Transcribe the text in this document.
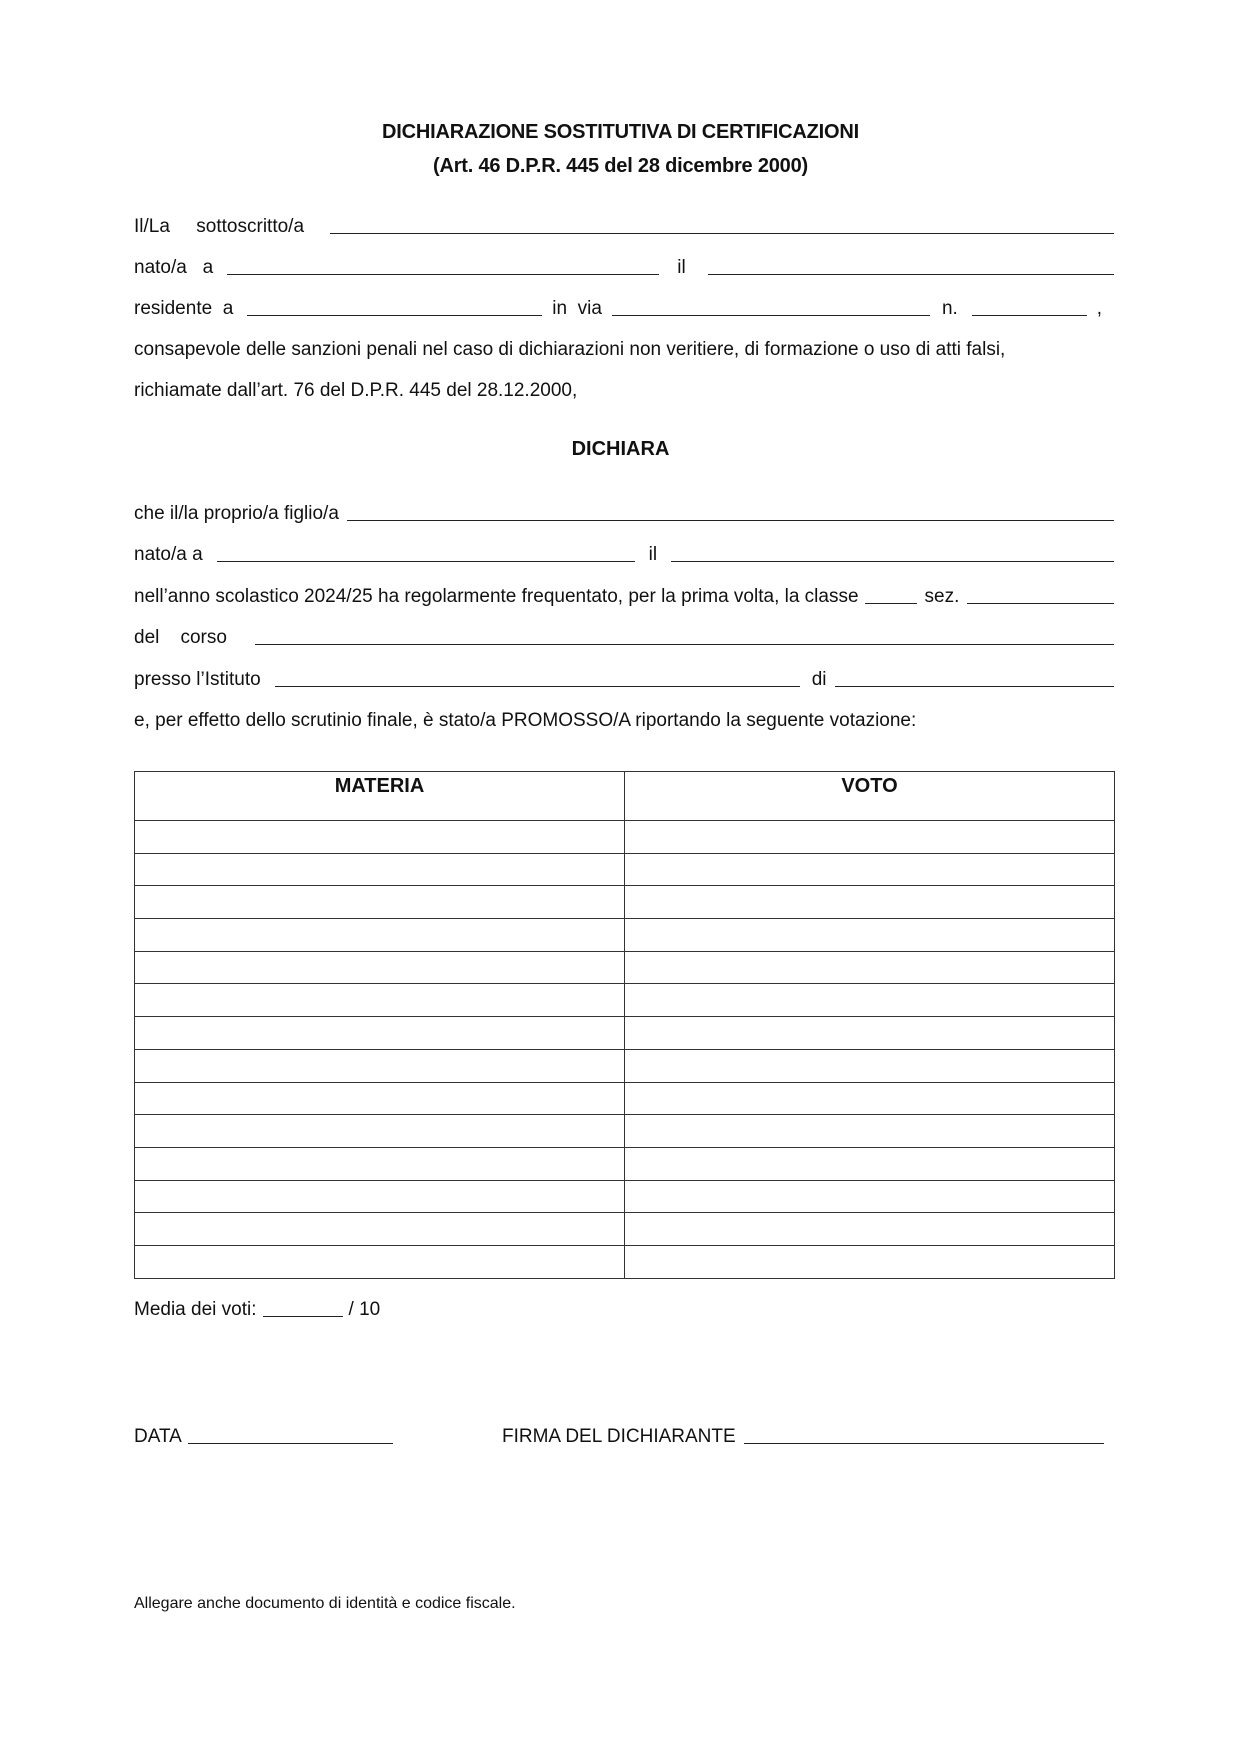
DICHIARAZIONE SOSTITUTIVA DI CERTIFICAZIONI
(Art. 46 D.P.R. 445 del 28 dicembre 2000)
Il/La     sottoscritto/a
nato/a   a	il
residente  a	in  via	n.	,
consapevole delle sanzioni penali nel caso di dichiarazioni non veritiere, di formazione o uso di atti falsi,
richiamate dall’art. 76 del D.P.R. 445 del 28.12.2000,
DICHIARA
che il/la proprio/a figlio/a
nato/a a	il
nell’anno scolastico 2024/25 ha regolarmente frequentato, per la prima volta, la classe	sez.
del    corso
presso l’Istituto	di
e, per effetto dello scrutinio finale, è stato/a PROMOSSO/A riportando la seguente votazione:
MATERIA	VOTO

Media dei voti:	/ 10
DATA	FIRMA DEL DICHIARANTE
Allegare anche documento di identità e codice fiscale.
